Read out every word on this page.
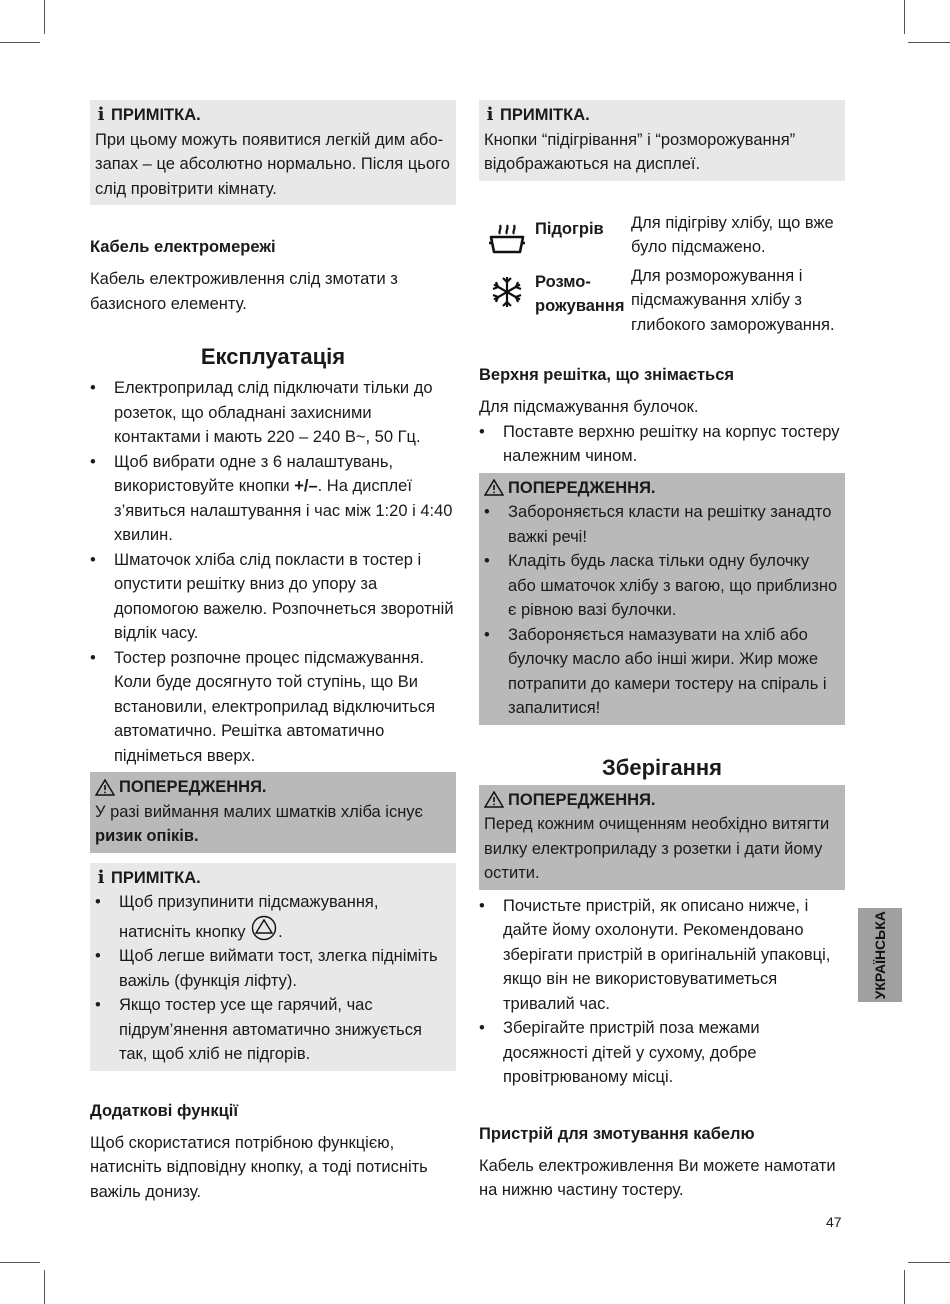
i ПРИМІТКА.
При цьому можуть появитися легкій дим або-запах – це абсолютно нормально. Після цього слід провітрити кімнату.
Кабель електромережі

Кабель електроживлення слід змотати з базисного елементу.

Експлуатація
• Електроприлад слід підключати тільки до розеток, що обладнані захисними контактами і мають 220 – 240 В~, 50 Гц.
• Щоб вибрати одне з 6 налаштувань, використовуйте кнопки +/–. На дисплеї з’явиться налаштування і час між 1:20 і 4:40 хвилин.
• Шматочок хліба слід покласти в тостер і опустити решітку вниз до упору за допомогою важелю. Розпочнеться зворотній відлік часу.
• Тостер розпочне процес підсмажування. Коли буде досягнуто той ступінь, що Ви встановили, електроприлад відключиться автоматично. Решітка автоматично підніметься вверх.
ПОПЕРЕДЖЕННЯ.
У разі виймання малих шматків хліба існує ризик опіків.
i ПРИМІТКА.
• Щоб призупинити підсмажування, натисніть кнопку .
• Щоб легше виймати тост, злегка підніміть важіль (функція ліфту).
• Якщо тостер усе ще гарячий, час підрум’янення автоматично знижується так, щоб хліб не підгорів.
Додаткові функції

Щоб скористатися потрібною функцією, натисніть відповідну кнопку, а тоді потисніть важіль донизу.

i ПРИМІТКА.
Кнопки “підігрівання” і “розморожування” відображаються на дисплеї.
Підогрів	Для підігріву хлібу, що вже було підсмажено.
Розмо-рожування
Для розморожування і підсмажування хлібу з глибокого заморожування.
Верхня решітка, що знімається

Для підсмажування булочок.

• Поставте верхню решітку на корпус тостеру належним чином.
ПОПЕРЕДЖЕННЯ.
• Забороняється класти на решітку занадто важкі речі!
• Кладіть будь ласка тільки одну булочку або шматочок хлібу з вагою, що приблизно є рівною вазі булочки.
• Забороняється намазувати на хліб або булочку масло або інші жири. Жир може потрапити до камери тостеру на спіраль і запалитися!
Зберігання
ПОПЕРЕДЖЕННЯ.
Перед кожним очищенням необхідно витягти вилку електроприладу з розетки і дати йому остити.
• Почистьте пристрій, як описано нижче, і дайте йому охолонути. Рекомендовано зберігати пристрій в оригінальній упаковці, якщо він не використовуватиметься тривалий час.
• Зберігайте пристрій поза межами досяжності дітей у сухому, добре провітрюваному місці.
Пристрій для змотування кабелю

Кабель електроживлення Ви можете намотати на нижню частину тостеру.

УКРАЇНСЬКА
47
